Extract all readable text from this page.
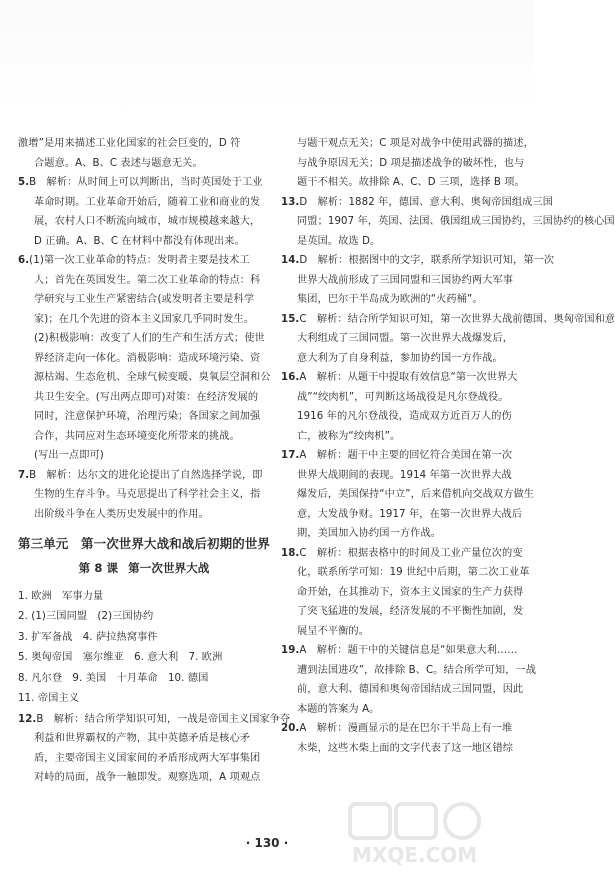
激增”是用来描述工业化国家的社会巨变的，D 符
合题意。A、B、C 表述与题意无关。
5.B　解析：从时间上可以判断出，当时英国处于工业
革命时期。工业革命开始后，随着工业和商业的发
展，农村人口不断流向城市，城市规模越来越大，
D 正确。A、B、C 在材料中都没有体现出来。
6.(1)第一次工业革命的特点：发明者主要是技术工
人；首先在英国发生。第二次工业革命的特点：科
学研究与工业生产紧密结合(或发明者主要是科学
家)；在几个先进的资本主义国家几乎同时发生。
(2)积极影响：改变了人们的生产和生活方式；使世
界经济走向一体化。消极影响：造成环境污染、资
源枯竭、生态危机、全球气候变暖、臭氧层空洞和公
共卫生安全。(写出两点即可)对策：在经济发展的
同时，注意保护环境，治理污染；各国家之间加强
合作，共同应对生态环境变化所带来的挑战。
(写出一点即可)
7.B　解析：达尔文的进化论提出了自然选择学说，即
生物的生存斗争。马克思提出了科学社会主义，指
出阶级斗争在人类历史发展中的作用。
第三单元　第一次世界大战和战后初期的世界
第 8 课 第一次世界大战
1. 欧洲　军事力量
2. (1)三国同盟　(2)三国协约
3. 扩军备战　4. 萨拉热窝事件
5. 奥匈帝国　塞尔维亚　6. 意大利　7. 欧洲
8. 凡尔登　9. 美国　十月革命　10. 德国
11. 帝国主义
12.B　解析：结合所学知识可知，一战是帝国主义国家争夺
利益和世界霸权的产物，其中英德矛盾是核心矛
盾，主要帝国主义国家间的矛盾形成两大军事集团
对峙的局面，战争一触即发。观察选项，A 项观点
与题干观点无关；C 项是对战争中使用武器的描述，
与战争原因无关；D 项是描述战争的破坏性，也与
题干不相关。故排除 A、C、D 三项，选择 B 项。
13.D　解析：1882 年，德国、意大利、奥匈帝国组成三国
同盟；1907 年，英国、法国、俄国组成三国协约，三国协约的核心国
是英国。故选 D。
14.D　解析：根据图中的文字，联系所学知识可知，第一次
世界大战前形成了三国同盟和三国协约两大军事
集团，巴尔干半岛成为欧洲的“火药桶”。
15.C　解析：结合所学知识可知，第一次世界大战前德国、奥匈帝国和意
大利组成了三国同盟。第一次世界大战爆发后，
意大利为了自身利益，参加协约国一方作战。
16.A　解析：从题干中提取有效信息“第一次世界大
战”“绞肉机”，可判断这场战役是凡尔登战役。
1916 年的凡尔登战役，造成双方近百万人的伤
亡，被称为“绞肉机”。
17.A　解析：题干中主要的回忆符合美国在第一次
世界大战期间的表现。1914 年第一次世界大战
爆发后，美国保持“中立”，后来借机向交战双方做生
意，大发战争财。1917 年，在第一次世界大战后
期，美国加入协约国一方作战。
18.C　解析：根据表格中的时间及工业产量位次的变
化，联系所学可知：19 世纪中后期，第二次工业革
命开始，在其推动下，资本主义国家的生产力获得
了突飞猛进的发展，经济发展的不平衡性加剧，发
展呈不平衡的。
19.A　解析：题干中的关键信息是“如果意大利……
遭到法国进攻”，故排除 B、C。结合所学可知，一战
前，意大利、德国和奥匈帝国结成三国同盟，因此
本题的答案为 A。
20.A　解析：漫画显示的是在巴尔干半岛上有一堆
木柴，这些木柴上面的文字代表了这一地区错综
· 130 ·	MXQE.COM
